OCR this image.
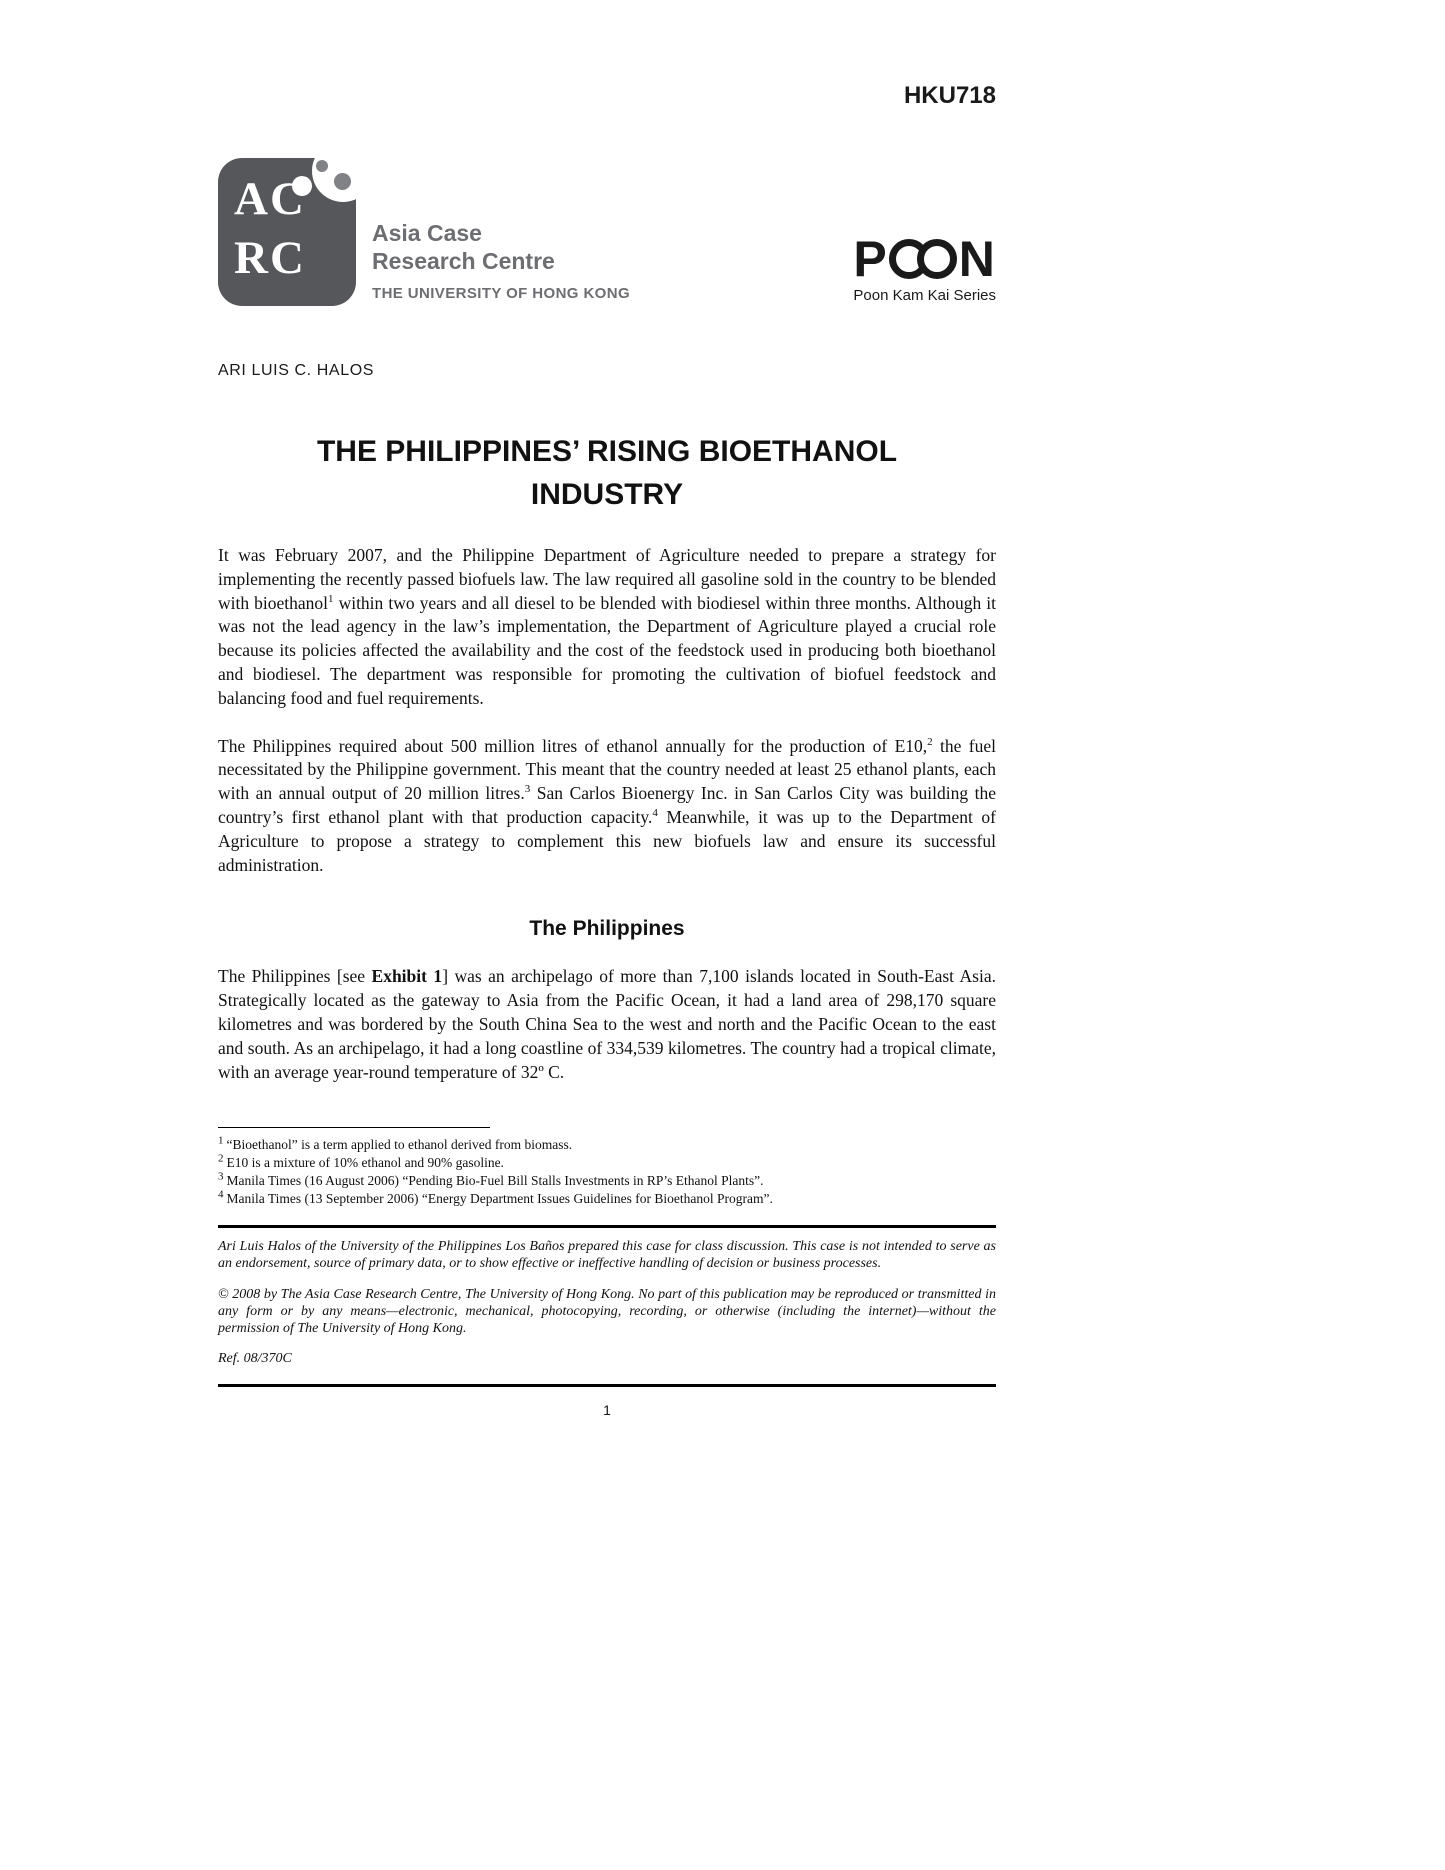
HKU718
AC
RC	Asia Case
Research Centre
THE UNIVERSITY OF HONG KONG
P N
Poon Kam Kai Series
ARI LUIS C. HALOS
THE PHILIPPINES’ RISING BIOETHANOL
INDUSTRY

It was February 2007, and the Philippine Department of Agriculture needed to prepare a strategy for implementing the recently passed biofuels law. The law required all gasoline sold in the country to be blended with bioethanol$^1$ within two years and all diesel to be blended with biodiesel within three months. Although it was not the lead agency in the law’s implementation, the Department of Agriculture played a crucial role because its policies affected the availability and the cost of the feedstock used in producing both bioethanol and biodiesel. The department was responsible for promoting the cultivation of biofuel feedstock and balancing food and fuel requirements.

The Philippines required about 500 million litres of ethanol annually for the production of E10,$^2$ the fuel necessitated by the Philippine government. This meant that the country needed at least 25 ethanol plants, each with an annual output of 20 million litres.$^3$ San Carlos Bioenergy Inc. in San Carlos City was building the country’s first ethanol plant with that production capacity.$^4$ Meanwhile, it was up to the Department of Agriculture to propose a strategy to complement this new biofuels law and ensure its successful administration.

The Philippines

The Philippines [see Exhibit 1] was an archipelago of more than 7,100 islands located in South-East Asia. Strategically located as the gateway to Asia from the Pacific Ocean, it had a land area of 298,170 square kilometres and was bordered by the South China Sea to the west and north and the Pacific Ocean to the east and south. As an archipelago, it had a long coastline of 334,539 kilometres. The country had a tropical climate, with an average year-round temperature of 32º C.

$^1$ “Bioethanol” is a term applied to ethanol derived from biomass.
$^2$ E10 is a mixture of 10% ethanol and 90% gasoline.
$^3$ Manila Times (16 August 2006) “Pending Bio-Fuel Bill Stalls Investments in RP’s Ethanol Plants”.
$^4$ Manila Times (13 September 2006) “Energy Department Issues Guidelines for Bioethanol Program”.

Ari Luis Halos of the University of the Philippines Los Baños prepared this case for class discussion. This case is not intended to serve as an endorsement, source of primary data, or to show effective or ineffective handling of decision or business processes.

© 2008 by The Asia Case Research Centre, The University of Hong Kong. No part of this publication may be reproduced or transmitted in any form or by any means—electronic, mechanical, photocopying, recording, or otherwise (including the internet)—without the permission of The University of Hong Kong.

Ref. 08/370C
1
